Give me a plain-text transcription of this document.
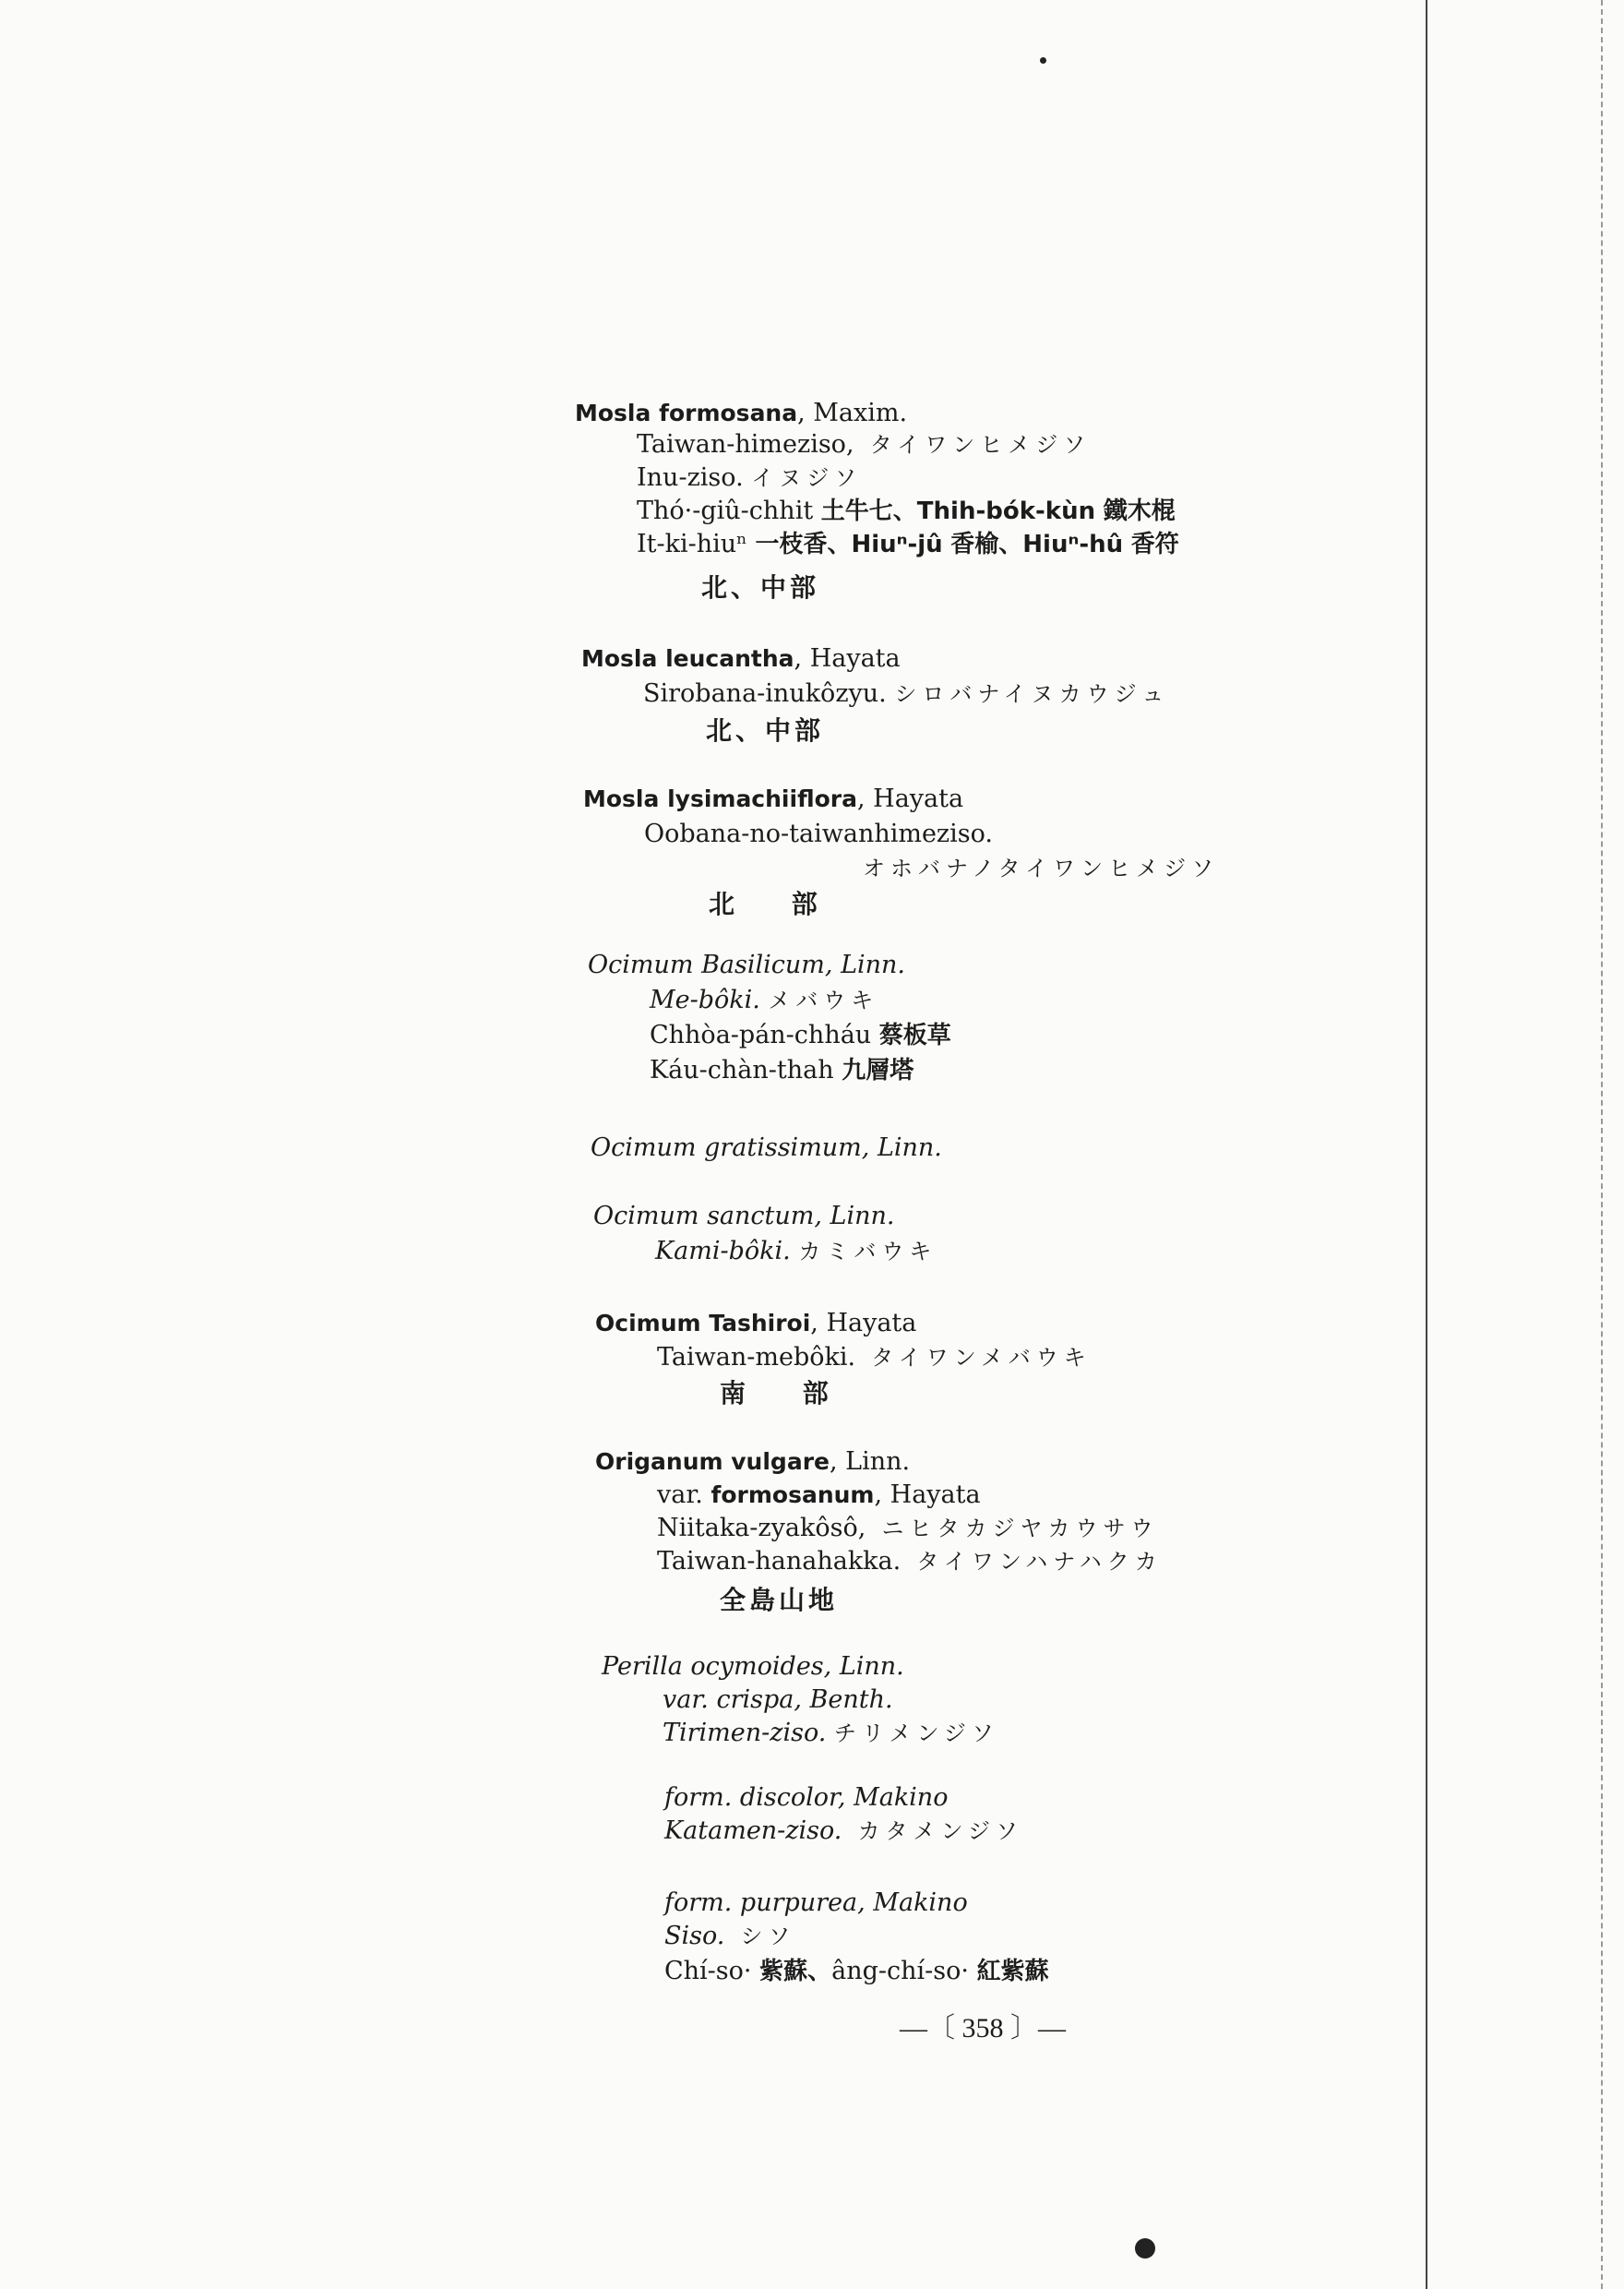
Mosla formosana, Maxim.
Taiwan-himeziso, タイワンヒメジソ
Inu-ziso. イヌジソ
Thó·-giû-chhit 土牛七、Thih-bók-kùn 鐵木棍
It-ki-hiuⁿ 一枝香、Hiuⁿ-jû 香榆、Hiuⁿ-hû 香符
北、中部
Mosla leucantha, Hayata
Sirobana-inukôzyu. シロバナイヌカウジュ
北、中部
Mosla lysimachiiflora, Hayata
Oobana-no-taiwanhimeziso.
オホバナノタイワンヒメジソ
北 部
Ocimum Basilicum, Linn.
Me-bôki. メバウキ
Chhòa-pán-chháu 蔡板草
Káu-chàn-thah 九層塔
Ocimum gratissimum, Linn.
Ocimum sanctum, Linn.
Kami-bôki. カミバウキ
Ocimum Tashiroi, Hayata
Taiwan-mebôki. タイワンメバウキ
南 部
Origanum vulgare, Linn.
var. formosanum, Hayata
Niitaka-zyakôsô, ニヒタカジヤカウサウ
Taiwan-hanahakka. タイワンハナハクカ
全島山地
Perilla ocymoides, Linn.
var. crispa, Benth.
Tirimen-ziso. チリメンジソ
form. discolor, Makino
Katamen-ziso. カタメンジソ
form. purpurea, Makino
Siso. シソ
Chí-so· 紫蘇、âng-chí-so· 紅紫蘇
—〔 358 〕—
